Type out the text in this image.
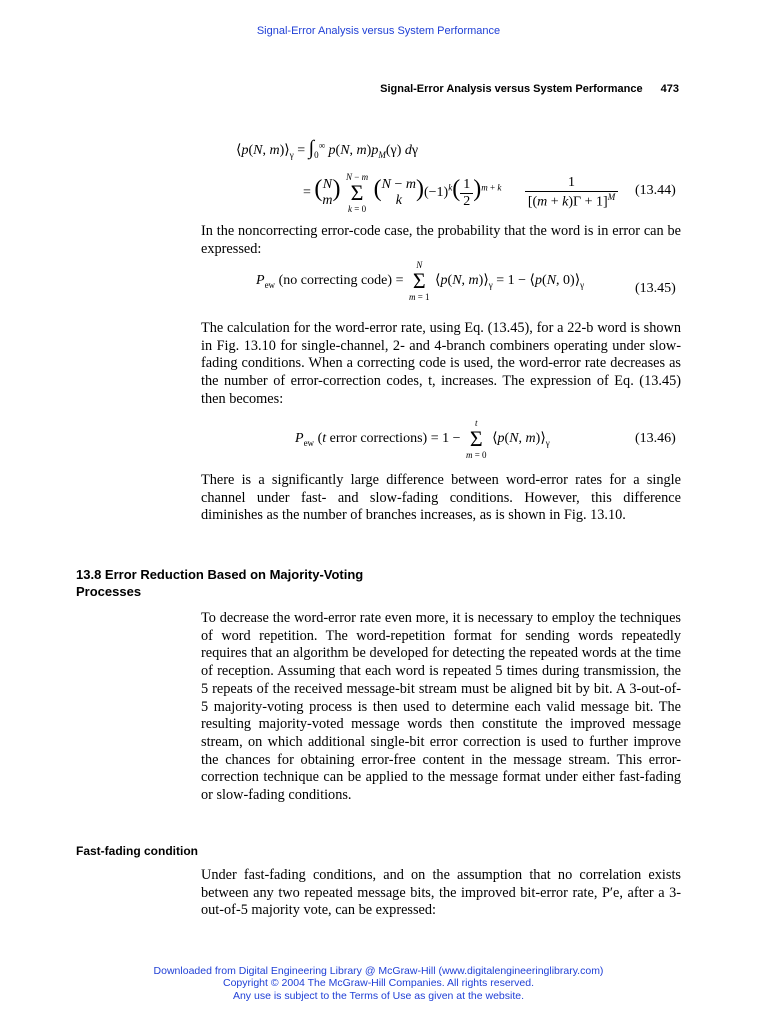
Signal-Error Analysis versus System Performance
Signal-Error Analysis versus System Performance 473
⟨p(N, $m)⟩_\gamma = \int_0^\infty$ p(N, $m)p_M(\gamma)$ dγ
= ( N
m ) N − m
Σ
k = 0
( N − m
k )$(-1)^k( \frac{1}{2} )^{m + k} \frac{1}{[(m + k)\Gamma + 1]^M} (13.44)$
In the noncorrecting error-code case, the probability that the word is in error can be expressed:
$P_{ew}$ (no correcting code) =
N
Σ
m = 1
⟨p(N, $m)⟩_\gamma = 1$ − ⟨p(N, $0)⟩_\gamma$	(13.45)
The calculation for the word-error rate, using Eq. (13.45), for a 22-b word is shown in Fig. 13.10 for single-channel, 2- and 4-branch combiners operating under slow-fading conditions. When a correcting code is used, the word-error rate decreases as the number of error-correction codes, t, increases. The expression of Eq. (13.45) then becomes:
$P_{ew}$ (t error corrections) = 1 −
t
Σ
m = 0
⟨p(N, $m)⟩_\gamma$	(13.46)
There is a significantly large difference between word-error rates for a single channel under fast- and slow-fading conditions. However, this difference diminishes as the number of branches increases, as is shown in Fig. 13.10.
13.8 Error Reduction Based on Majority-Voting Processes
To decrease the word-error rate even more, it is necessary to employ the techniques of word repetition. The word-repetition format for sending words repeatedly requires that an algorithm be developed for detecting the repeated words at the time of reception. Assuming that each word is repeated 5 times during transmission, the 5 repeats of the received message-bit stream must be aligned bit by bit. A 3-out-of-5 majority-voting process is then used to determine each valid message bit. The resulting majority-voted message words then constitute the improved message stream, on which additional single-bit error correction is used to further improve the chances for obtaining error-free content in the message stream. This error-correction technique can be applied to the message format under either fast-fading or slow-fading conditions.
Fast-fading condition
Under fast-fading conditions, and on the assumption that no correlation exists between any two repeated message bits, the improved bit-error rate, P′e, after a 3-out-of-5 majority vote, can be expressed:
Downloaded from Digital Engineering Library @ McGraw-Hill (www.digitalengineeringlibrary.com)
Copyright © 2004 The McGraw-Hill Companies. All rights reserved.
Any use is subject to the Terms of Use as given at the website.
